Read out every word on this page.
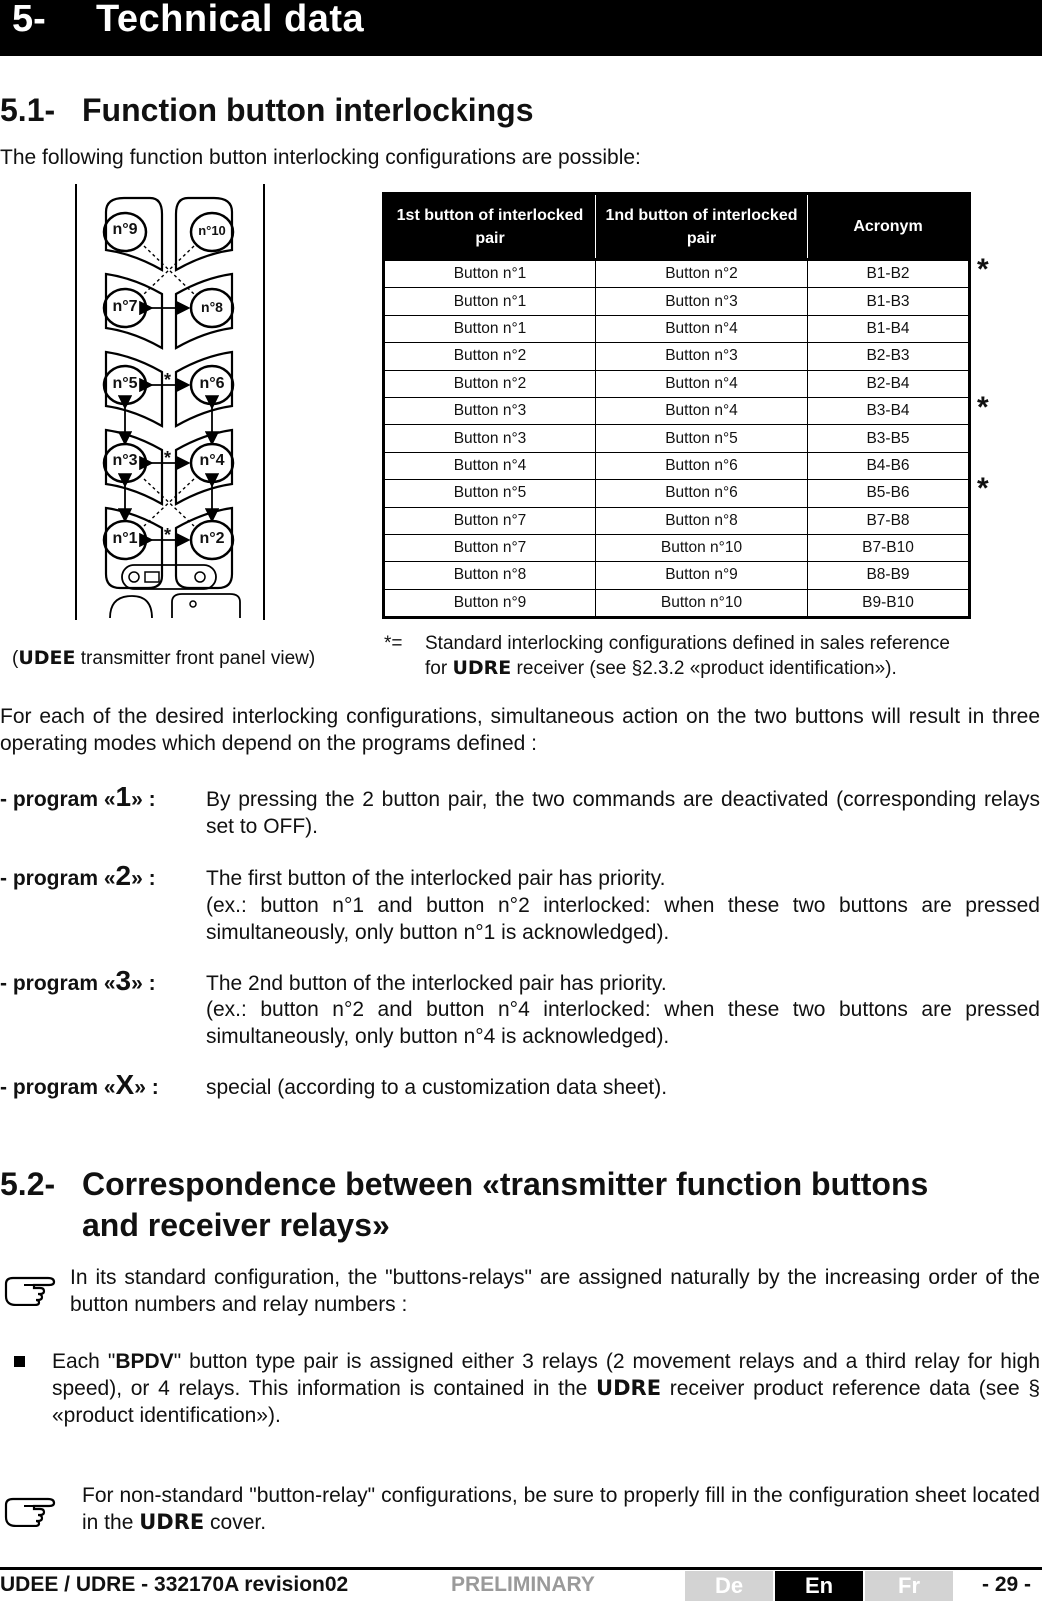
5- Technical data
5.1- Function button interlockings
The following function button interlocking configurations are possible:
n°9	n°10
n°7	n°8
n°5	n°6
n°3	n°4
n°1	n°2
*
*
*
(UDEE transmitter front panel view)
1st button of interlocked pair	1nd button of interlocked pair	Acronym
Button n°1	Button n°2	B1-B2
Button n°1	Button n°3	B1-B3
Button n°1	Button n°4	B1-B4
Button n°2	Button n°3	B2-B3
Button n°2	Button n°4	B2-B4
Button n°3	Button n°4	B3-B4
Button n°3	Button n°5	B3-B5
Button n°4	Button n°6	B4-B6
Button n°5	Button n°6	B5-B6
Button n°7	Button n°8	B7-B8
Button n°7	Button n°10	B7-B10
Button n°8	Button n°9	B8-B9
Button n°9	Button n°10	B9-B10
*
*
*
*= Standard interlocking configurations defined in sales reference
for UDRE receiver (see §2.3.2 «product identification»).
For each of the desired interlocking configurations, simultaneous action on the two buttons will result in three operating modes which depend on the programs defined :
- program «1» : By pressing the 2 button pair, the two commands are deactivated (corresponding relays set to OFF).
- program «2» : The first button of the interlocked pair has priority.
(ex.: button n°1 and button n°2 interlocked: when these two buttons are pressed simultaneously, only button n°1 is acknowledged).
- program «3» : The 2nd button of the interlocked pair has priority.
(ex.: button n°2 and button n°4 interlocked: when these two buttons are pressed simultaneously, only button n°4 is acknowledged).
- program «X» : special (according to a customization data sheet).
5.2- Correspondence between «transmitter function buttons
and receiver relays»
In its standard configuration, the "buttons-relays" are assigned naturally by the increasing order of the button numbers and relay numbers :
Each "BPDV" button type pair is assigned either 3 relays (2 movement relays and a third relay for high speed), or 4 relays. This information is contained in the UDRE receiver product reference data (see § «product identification»).
For non-standard "button-relay" configurations, be sure to properly fill in the configuration sheet located in the UDRE cover.
UDEE / UDRE - 332170A revision02	PRELIMINARY	De	En	Fr	- 29 -
